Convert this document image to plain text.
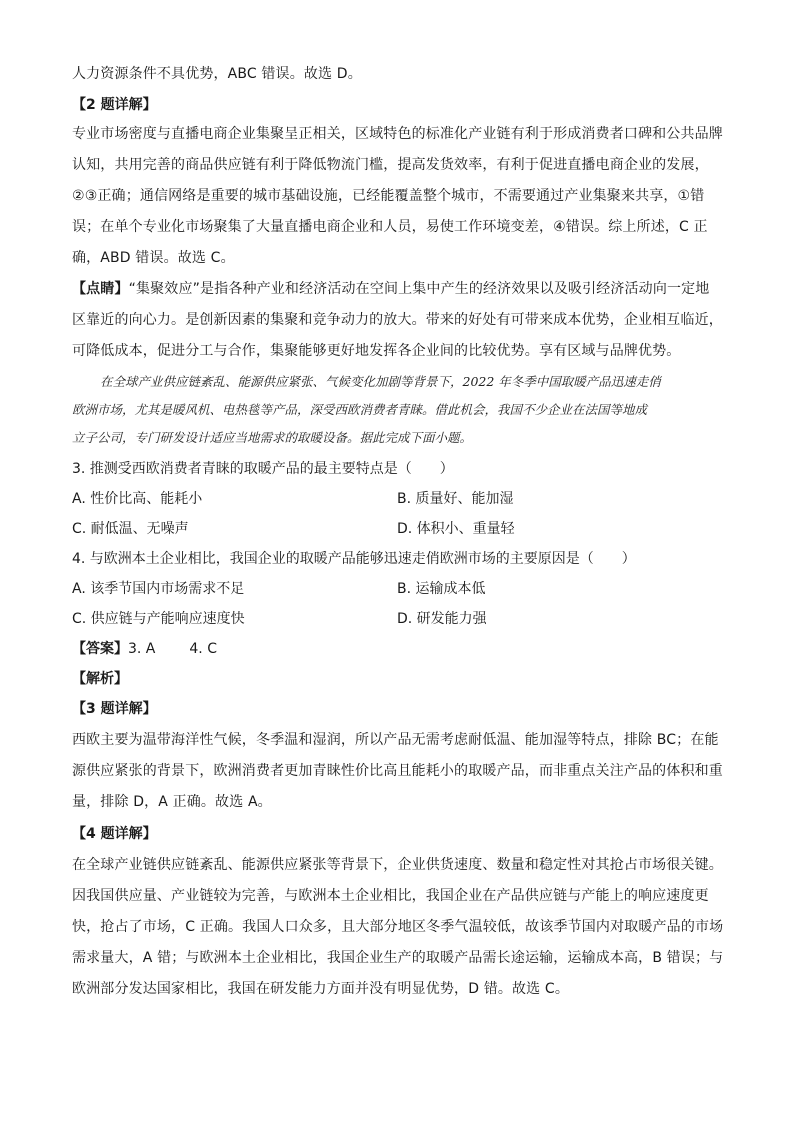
人力资源条件不具优势，ABC 错误。故选 D。
【2 题详解】
专业市场密度与直播电商企业集聚呈正相关，区域特色的标准化产业链有利于形成消费者口碑和公共品牌
认知，共用完善的商品供应链有利于降低物流门槛，提高发货效率，有利于促进直播电商企业的发展，
②③正确；通信网络是重要的城市基础设施，已经能覆盖整个城市，不需要通过产业集聚来共享，①错
误；在单个专业化市场聚集了大量直播电商企业和人员，易使工作环境变差，④错误。综上所述，C 正
确，ABD 错误。故选 C。
【点睛】“集聚效应”是指各种产业和经济活动在空间上集中产生的经济效果以及吸引经济活动向一定地
区靠近的向心力。是创新因素的集聚和竞争动力的放大。带来的好处有可带来成本优势，企业相互临近，
可降低成本，促进分工与合作，集聚能够更好地发挥各企业间的比较优势。享有区域与品牌优势。
在全球产业供应链紊乱、能源供应紧张、气候变化加剧等背景下，2022 年冬季中国取暖产品迅速走俏
欧洲市场，尤其是暖风机、电热毯等产品，深受西欧消费者青睐。借此机会，我国不少企业在法国等地成
立子公司，专门研发设计适应当地需求的取暖设备。据此完成下面小题。
3. 推测受西欧消费者青睐的取暖产品的最主要特点是（　　）
A. 性价比高、能耗小	B. 质量好、能加湿
C. 耐低温、无噪声	D. 体积小、重量轻
4. 与欧洲本土企业相比，我国企业的取暖产品能够迅速走俏欧洲市场的主要原因是（　　）
A. 该季节国内市场需求不足	B. 运输成本低
C. 供应链与产能响应速度快	D. 研发能力强
【答案】3. A 4. C
【解析】
【3 题详解】
西欧主要为温带海洋性气候，冬季温和湿润，所以产品无需考虑耐低温、能加湿等特点，排除 BC；在能
源供应紧张的背景下，欧洲消费者更加青睐性价比高且能耗小的取暖产品，而非重点关注产品的体积和重
量，排除 D，A 正确。故选 A。
【4 题详解】
在全球产业链供应链紊乱、能源供应紧张等背景下，企业供货速度、数量和稳定性对其抢占市场很关键。
因我国供应量、产业链较为完善，与欧洲本土企业相比，我国企业在产品供应链与产能上的响应速度更
快，抢占了市场，C 正确。我国人口众多，且大部分地区冬季气温较低，故该季节国内对取暖产品的市场
需求量大，A 错；与欧洲本土企业相比，我国企业生产的取暖产品需长途运输，运输成本高，B 错误；与
欧洲部分发达国家相比，我国在研发能力方面并没有明显优势，D 错。故选 C。
